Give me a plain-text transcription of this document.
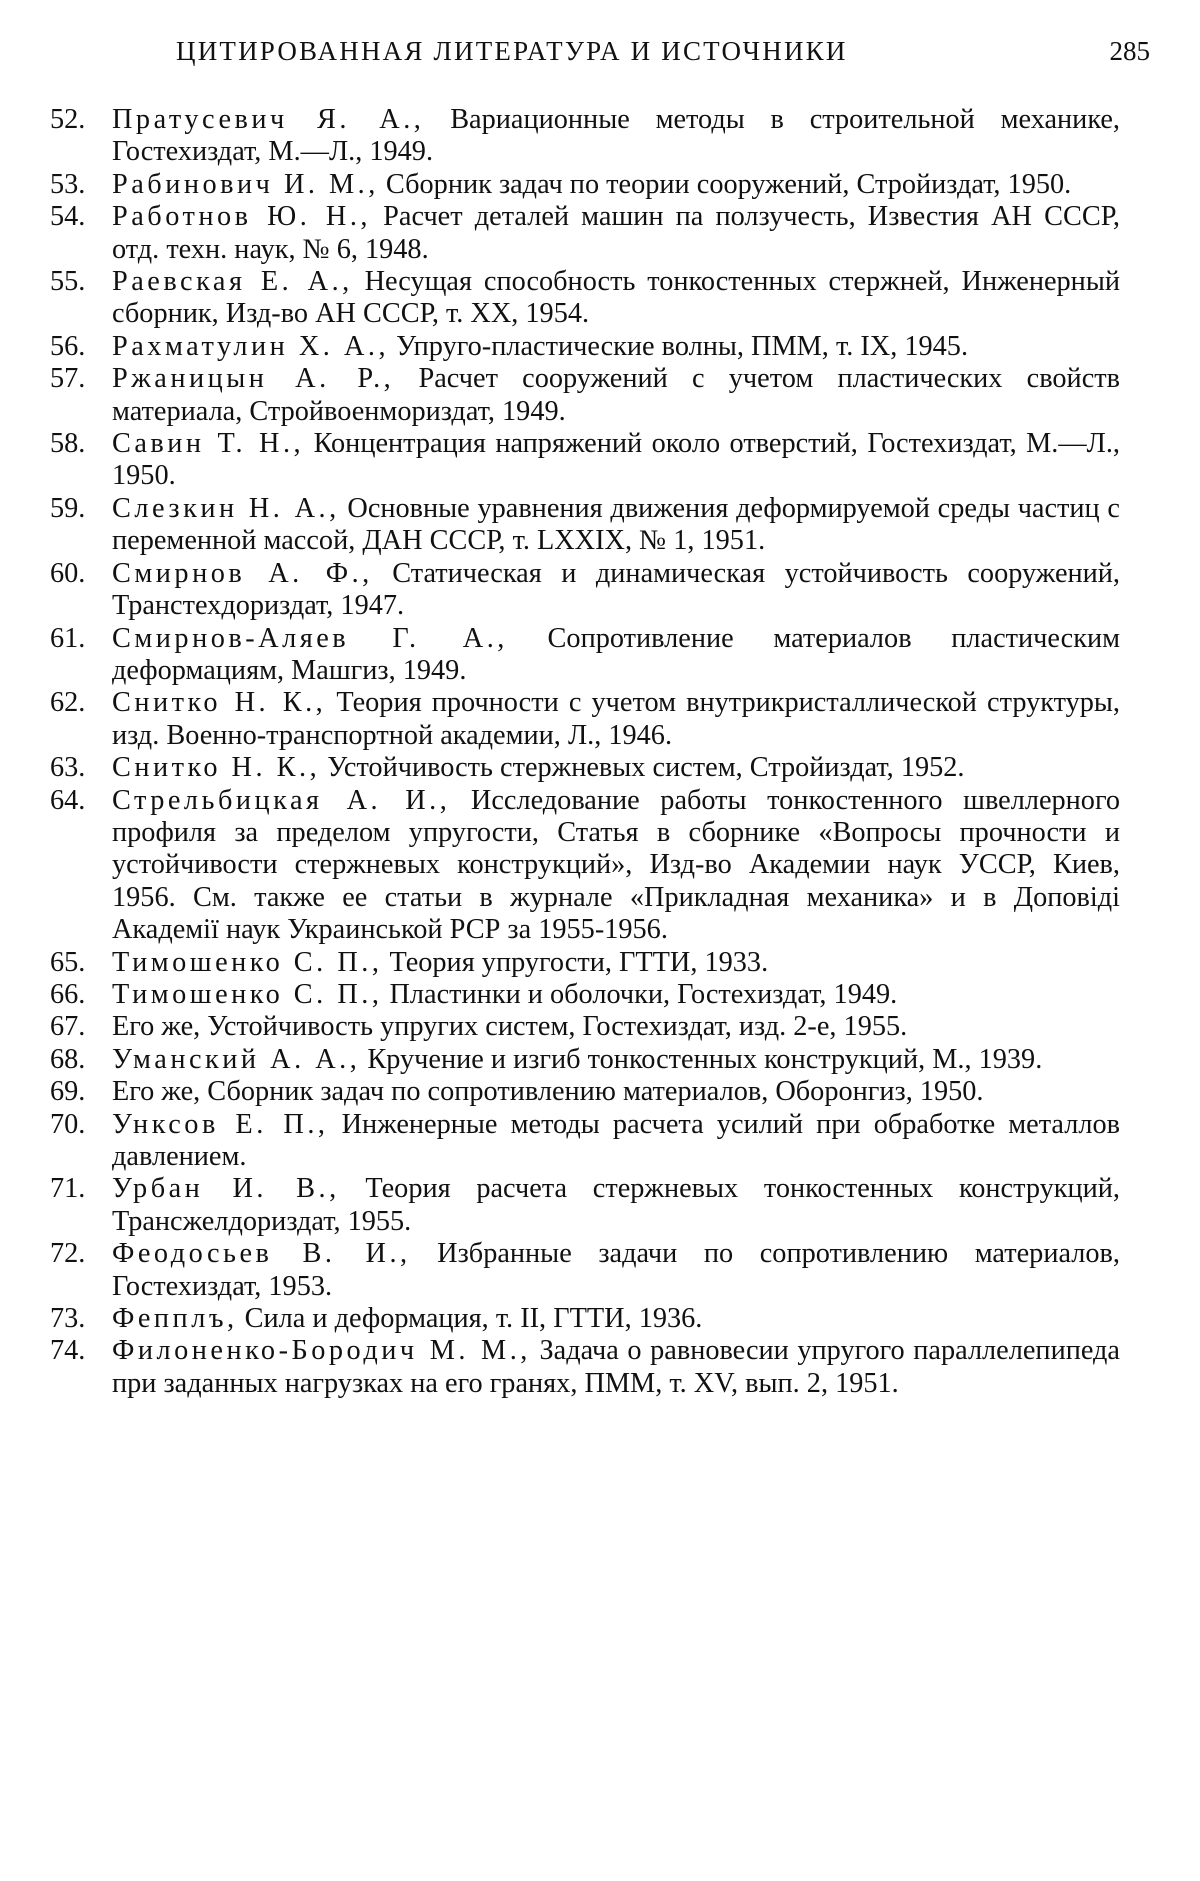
ЦИТИРОВАННАЯ ЛИТЕРАТУРА И ИСТОЧНИКИ	285
52. Пратусевич Я. А., Вариационные методы в строительной механике, Гостехиздат, М.—Л., 1949.
53. Рабинович И. М., Сборник задач по теории сооружений, Стройиздат, 1950.
54. Работнов Ю. Н., Расчет деталей машин па ползучесть, Известия АН СССР, отд. техн. наук, № 6, 1948.
55. Раевская Е. А., Несущая способность тонкостенных стержней, Инженерный сборник, Изд-во АН СССР, т. XX, 1954.
56. Рахматулин Х. А., Упруго-пластические волны, ПММ, т. IX, 1945.
57. Ржаницын А. Р., Расчет сооружений с учетом пластических свойств материала, Стройвоенмориздат, 1949.
58. Савин Т. Н., Концентрация напряжений около отверстий, Гостехиздат, М.—Л., 1950.
59. Слезкин Н. А., Основные уравнения движения деформируемой среды частиц с переменной массой, ДАН СССР, т. LXXIX, № 1, 1951.
60. Смирнов А. Ф., Статическая и динамическая устойчивость сооружений, Транстехдориздат, 1947.
61. Смирнов-Аляев Г. А., Сопротивление материалов пластическим деформациям, Машгиз, 1949.
62. Снитко Н. К., Теория прочности с учетом внутрикристаллической структуры, изд. Военно-транспортной академии, Л., 1946.
63. Снитко Н. К., Устойчивость стержневых систем, Стройиздат, 1952.
64. Стрельбицкая А. И., Исследование работы тонкостенного швеллерного профиля за пределом упругости, Статья в сборнике «Вопросы прочности и устойчивости стержневых конструкций», Изд-во Академии наук УССР, Киев, 1956. См. также ее статьи в журнале «Прикладная механика» и в Доповіді Академії наук Украинськой РСР за 1955-1956.
65. Тимошенко С. П., Теория упругости, ГТТИ, 1933.
66. Тимошенко С. П., Пластинки и оболочки, Гостехиздат, 1949.
67. Его же, Устойчивость упругих систем, Гостехиздат, изд. 2-е, 1955.
68. Уманский А. А., Кручение и изгиб тонкостенных конструкций, М., 1939.
69. Его же, Сборник задач по сопротивлению материалов, Оборонгиз, 1950.
70. Унксов Е. П., Инженерные методы расчета усилий при обработке металлов давлением.
71. Урбан И. В., Теория расчета стержневых тонкостенных конструкций, Трансжелдориздат, 1955.
72. Феодосьев В. И., Избранные задачи по сопротивлению материалов, Гостехиздат, 1953.
73. Фепплъ, Сила и деформация, т. II, ГТТИ, 1936.
74. Филоненко-Бородич М. М., Задача о равновесии упругого параллелепипеда при заданных нагрузках на его гранях, ПММ, т. XV, вып. 2, 1951.
